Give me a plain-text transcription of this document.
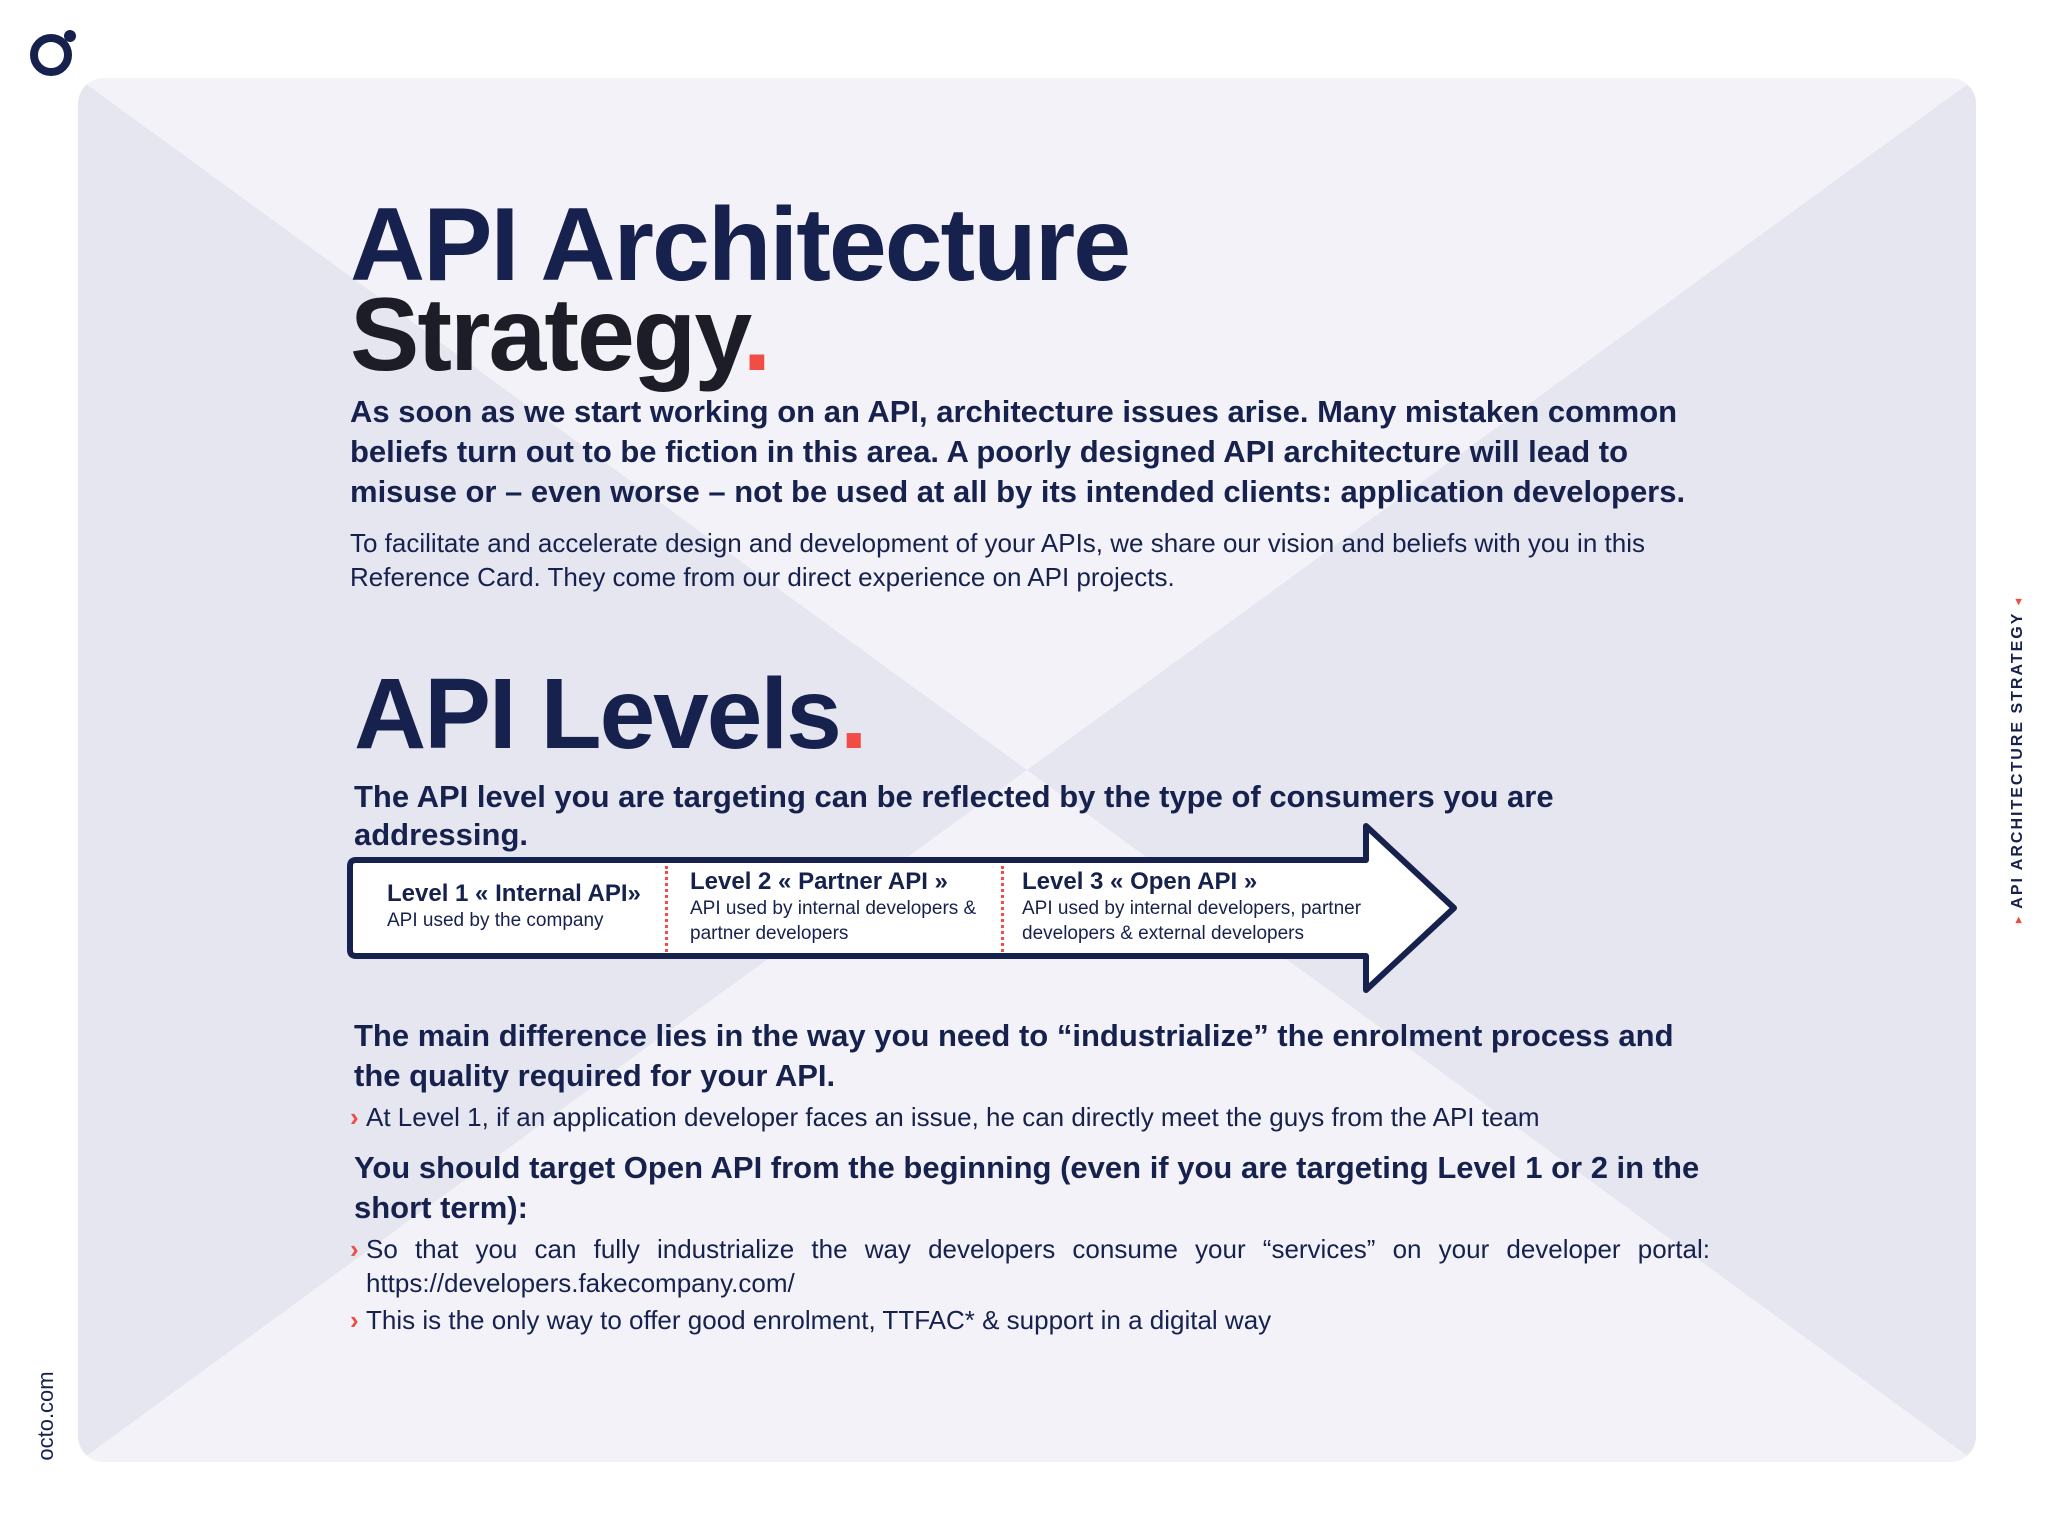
API Architecture
Strategy.

As soon as we start working on an API, architecture issues arise. Many mistaken common beliefs turn out to be fiction in this area. A poorly designed API architecture will lead to misuse or – even worse – not be used at all by its intended clients: application developers.

To facilitate and accelerate design and development of your APIs, we share our vision and beliefs with you in this Reference Card. They come from our direct experience on API projects.

API Levels.

The API level you are targeting can be reflected by the type of consumers you are addressing.

Level 1 « Internal API»
API used by the company
Level 2 « Partner API »
API used by internal developers & partner developers
Level 3 « Open API »
API used by internal developers, partner developers & external developers

The main difference lies in the way you need to “industrialize” the enrolment process and the quality required for your API.

› At Level 1, if an application developer faces an issue, he can directly meet the guys from the API team

You should target Open API from the beginning (even if you are targeting Level 1 or 2 in the short term):

› So that you can fully industrialize the way developers consume your “services” on your developer portal: https://developers.fakecompany.com/
› This is the only way to offer good enrolment, TTFAC* & support in a digital way
▸ API ARCHITECTURE STRATEGY ◂
octo.com
